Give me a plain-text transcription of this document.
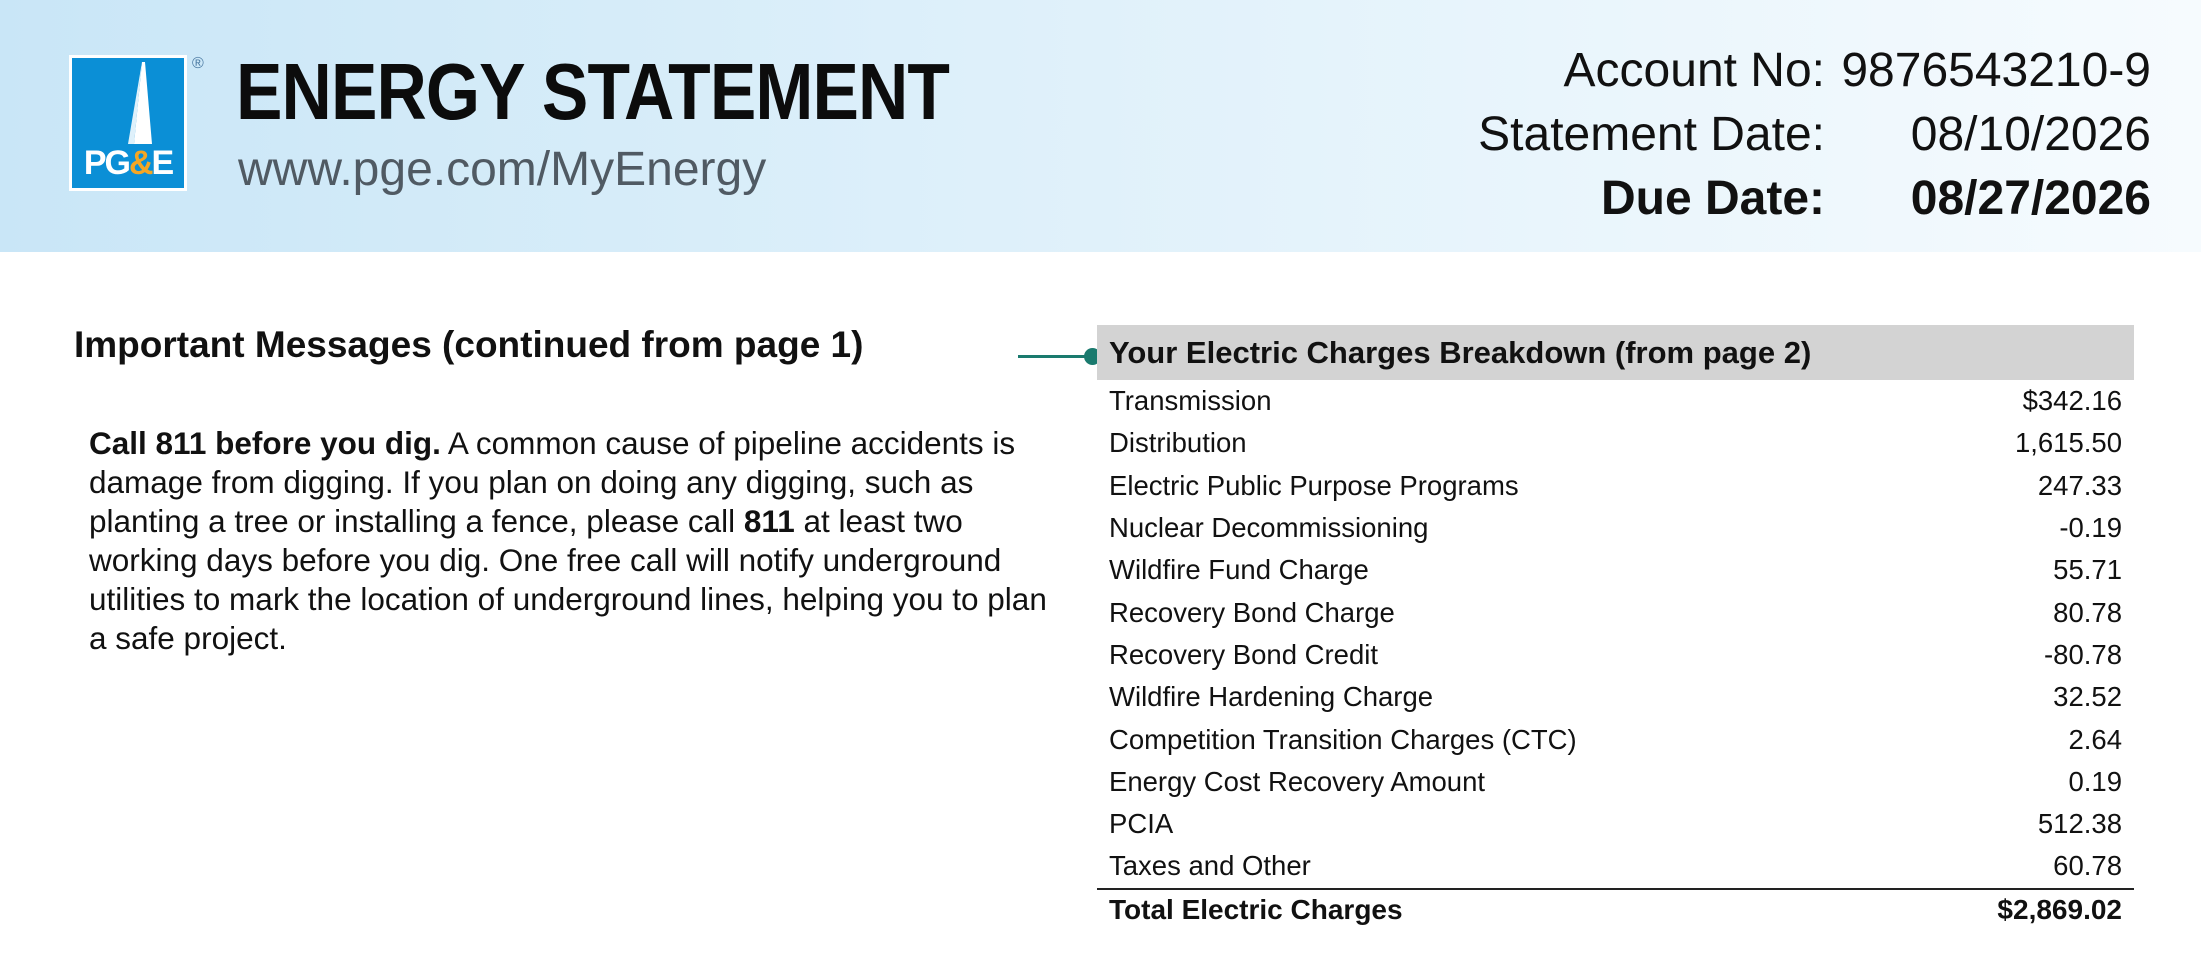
PG&E
® ENERGY STATEMENT
www.pge.com/MyEnergy
Account No: 9876543210-9
Statement Date:	08/10/2026
Due Date:	08/27/2026
Important Messages (continued from page 1)
Call 811 before you dig. A common cause of pipeline accidents is damage from digging. If you plan on doing any digging, such as planting a tree or installing a fence, please call 811 at least two working days before you dig. One free call will notify underground utilities to mark the location of underground lines, helping you to plan a safe project.
Your Electric Charges Breakdown (from page 2)
Transmission	$342.16
Distribution	1,615.50
Electric Public Purpose Programs	247.33
Nuclear Decommissioning	-0.19
Wildfire Fund Charge	55.71
Recovery Bond Charge	80.78
Recovery Bond Credit	-80.78
Wildfire Hardening Charge	32.52
Competition Transition Charges (CTC)	2.64
Energy Cost Recovery Amount	0.19
PCIA	512.38
Taxes and Other	60.78
Total Electric Charges	$2,869.02
